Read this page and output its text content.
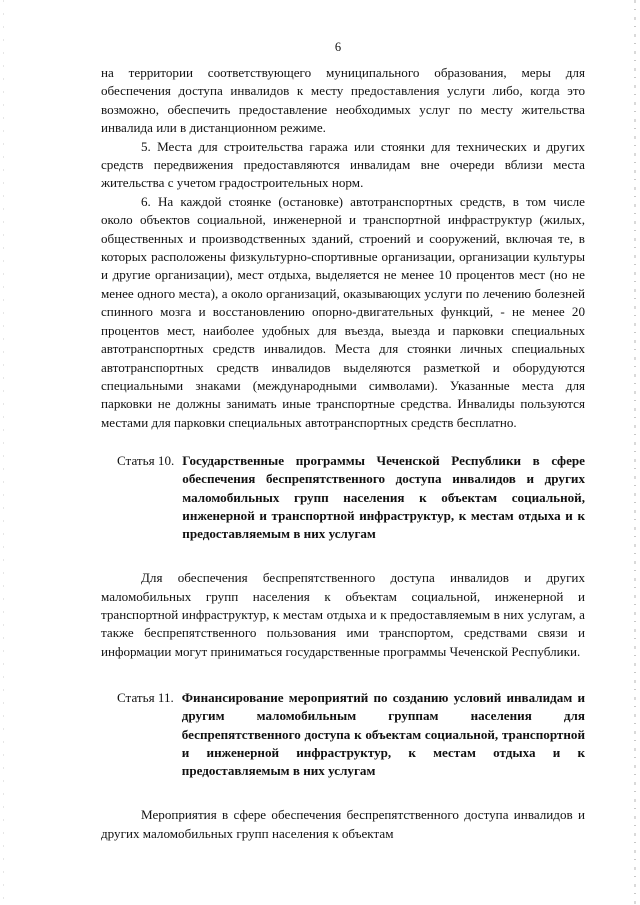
6

на территории соответствующего муниципального образования, меры для обеспечения доступа инвалидов к месту предоставления услуги либо, когда это возможно, обеспечить предоставление необходимых услуг по месту жительства инвалида или в дистанционном режиме.

5. Места для строительства гаража или стоянки для технических и других средств передвижения предоставляются инвалидам вне очереди вблизи места жительства с учетом градостроительных норм.

6. На каждой стоянке (остановке) автотранспортных средств, в том числе около объектов социальной, инженерной и транспортной инфраструктур (жилых, общественных и производственных зданий, строений и сооружений, включая те, в которых расположены физкультурно-спортивные организации, организации культуры и другие организации), мест отдыха, выделяется не менее 10 процентов мест (но не менее одного места), а около организаций, оказывающих услуги по лечению болезней спинного мозга и восстановлению опорно-двигательных функций, - не менее 20 процентов мест, наиболее удобных для въезда, выезда и парковки специальных автотранспортных средств инвалидов. Места для стоянки личных специальных автотранспортных средств инвалидов выделяются разметкой и оборудуются специальными знаками (международными символами). Указанные места для парковки не должны занимать иные транспортные средства. Инвалиды пользуются местами для парковки специальных автотранспортных средств бесплатно.

Статья 10. Государственные программы Чеченской Республики в сфере обеспечения беспрепятственного доступа инвалидов и других маломобильных групп населения к объектам социальной, инженерной и транспортной инфраструктур, к местам отдыха и к предоставляемым в них услугам

Для обеспечения беспрепятственного доступа инвалидов и других маломобильных групп населения к объектам социальной, инженерной и транспортной инфраструктур, к местам отдыха и к предоставляемым в них услугам, а также беспрепятственного пользования ими транспортом, средствами связи и информации могут приниматься государственные программы Чеченской Республики.

Статья 11. Финансирование мероприятий по созданию условий инвалидам и другим маломобильным группам населения для беспрепятственного доступа к объектам социальной, транспортной и инженерной инфраструктур, к местам отдыха и к предоставляемым в них услугам

Мероприятия в сфере обеспечения беспрепятственного доступа инвалидов и других маломобильных групп населения к объектам
